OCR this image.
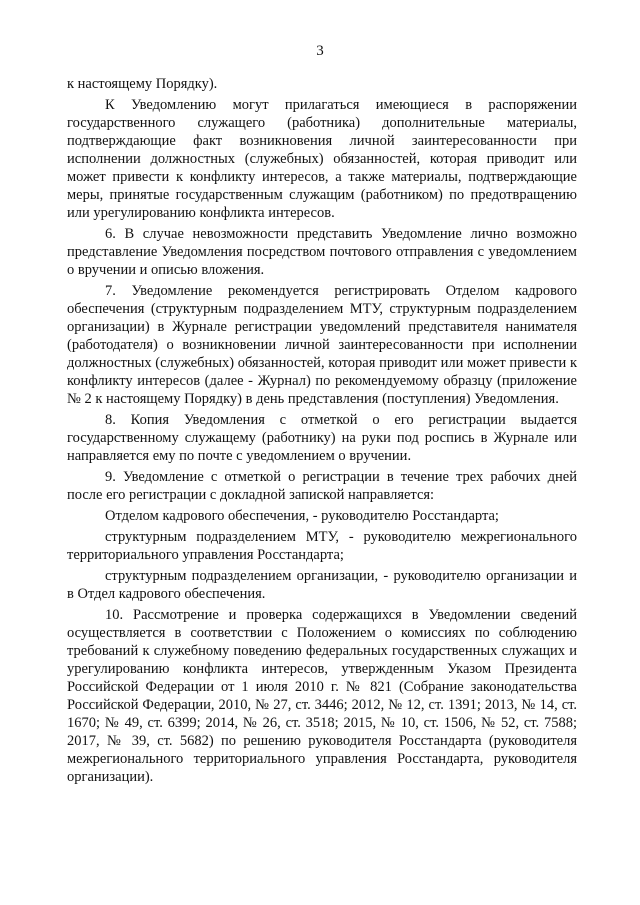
3

к настоящему Порядку).

К Уведомлению могут прилагаться имеющиеся в распоряжении государственного служащего (работника) дополнительные материалы, подтверждающие факт возникновения личной заинтересованности при исполнении должностных (служебных) обязанностей, которая приводит или может привести к конфликту интересов, а также материалы, подтверждающие меры, принятые государственным служащим (работником) по предотвращению или урегулированию конфликта интересов.

6. В случае невозможности представить Уведомление лично возможно представление Уведомления посредством почтового отправления с уведомлением о вручении и описью вложения.

7. Уведомление рекомендуется регистрировать Отделом кадрового обеспечения (структурным подразделением МТУ, структурным подразделением организации) в Журнале регистрации уведомлений представителя нанимателя (работодателя) о возникновении личной заинтересованности при исполнении должностных (служебных) обязанностей, которая приводит или может привести к конфликту интересов (далее - Журнал) по рекомендуемому образцу (приложение № 2 к настоящему Порядку) в день представления (поступления) Уведомления.

8. Копия Уведомления с отметкой о его регистрации выдается государственному служащему (работнику) на руки под роспись в Журнале или направляется ему по почте с уведомлением о вручении.

9. Уведомление с отметкой о регистрации в течение трех рабочих дней после его регистрации с докладной запиской направляется:

Отделом кадрового обеспечения, - руководителю Росстандарта;

структурным подразделением МТУ, - руководителю межрегионального территориального управления Росстандарта;

структурным подразделением организации, - руководителю организации и в Отдел кадрового обеспечения.

10. Рассмотрение и проверка содержащихся в Уведомлении сведений осуществляется в соответствии с Положением о комиссиях по соблюдению требований к служебному поведению федеральных государственных служащих и урегулированию конфликта интересов, утвержденным Указом Президента Российской Федерации от 1 июля 2010 г. № 821 (Собрание законодательства Российской Федерации, 2010, № 27, ст. 3446; 2012, № 12, ст. 1391; 2013, № 14, ст. 1670; № 49, ст. 6399; 2014, № 26, ст. 3518; 2015, № 10, ст. 1506, № 52, ст. 7588; 2017, № 39, ст. 5682) по решению руководителя Росстандарта (руководителя межрегионального территориального управления Росстандарта, руководителя организации).
